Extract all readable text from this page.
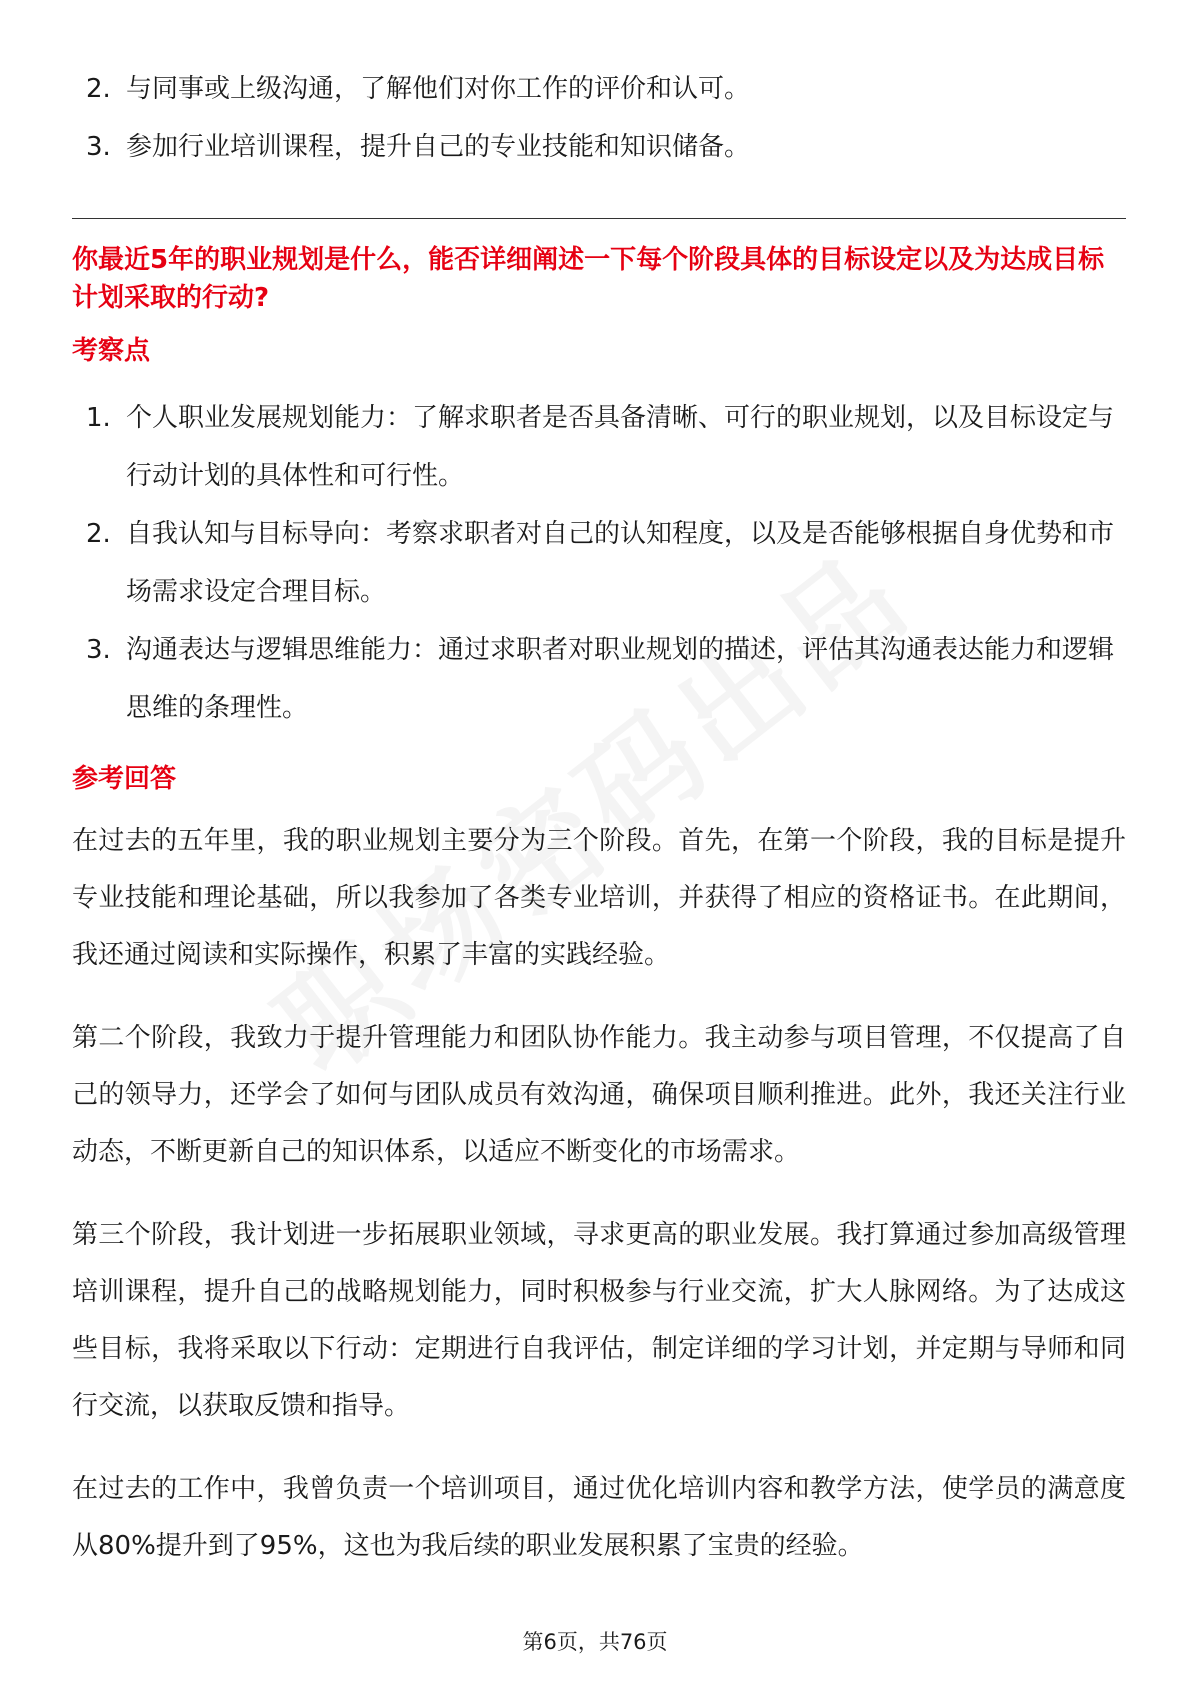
2. 与同事或上级沟通，了解他们对你工作的评价和认可。
3. 参加行业培训课程，提升自己的专业技能和知识储备。

你最近5年的职业规划是什么，能否详细阐述一下每个阶段具体的目标设定以及为达成目标计划采取的行动?

考察点
1. 个人职业发展规划能力：了解求职者是否具备清晰、可行的职业规划，以及目标设定与行动计划的具体性和可行性。
2. 自我认知与目标导向：考察求职者对自己的认知程度，以及是否能够根据自身优势和市场需求设定合理目标。
3. 沟通表达与逻辑思维能力：通过求职者对职业规划的描述，评估其沟通表达能力和逻辑思维的条理性。
参考回答

在过去的五年里，我的职业规划主要分为三个阶段。首先，在第一个阶段，我的目标是提升专业技能和理论基础，所以我参加了各类专业培训，并获得了相应的资格证书。在此期间，我还通过阅读和实际操作，积累了丰富的实践经验。

第二个阶段，我致力于提升管理能力和团队协作能力。我主动参与项目管理，不仅提高了自己的领导力，还学会了如何与团队成员有效沟通，确保项目顺利推进。此外，我还关注行业动态，不断更新自己的知识体系，以适应不断变化的市场需求。

第三个阶段，我计划进一步拓展职业领域，寻求更高的职业发展。我打算通过参加高级管理培训课程，提升自己的战略规划能力，同时积极参与行业交流，扩大人脉网络。为了达成这些目标，我将采取以下行动：定期进行自我评估，制定详细的学习计划，并定期与导师和同行交流，以获取反馈和指导。

在过去的工作中，我曾负责一个培训项目，通过优化培训内容和教学方法，使学员的满意度从80%提升到了95%，这也为我后续的职业发展积累了宝贵的经验。

第6页，共76页
